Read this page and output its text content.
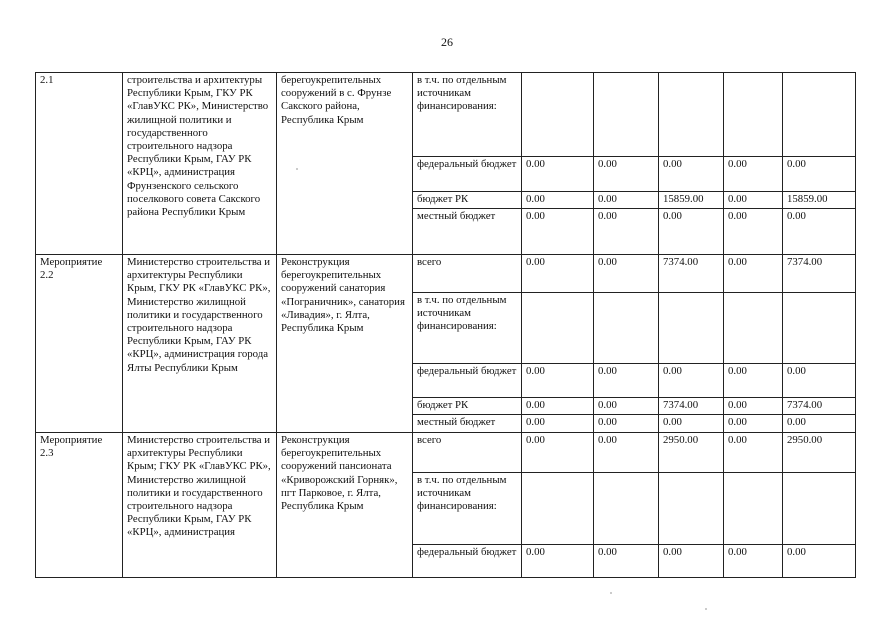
26
2.1	строительства и архитектуры Республики Крым, ГКУ РК «ГлавУКС РК», Министерство жилищной политики и государственного строительного надзора Республики Крым, ГАУ РК «КРЦ», администрация Фрунзенского сельского поселкового совета Сакского района Республики Крым	берегоукрепительных сооружений в с. Фрунзе Сакского района, Республика Крым	в т.ч. по отдельным источникам финансирования:					
			федеральный бюджет	0.00	0.00	0.00	0.00	0.00
			бюджет РК	0.00	0.00	15859.00	0.00	15859.00
			местный бюджет	0.00	0.00	0.00	0.00	0.00
Мероприятие 2.2	Министерство строительства и архитектуры Республики Крым, ГКУ РК «ГлавУКС РК», Министерство жилищной политики и государственного строительного надзора Республики Крым, ГАУ РК «КРЦ», администрация города Ялты Республики Крым	Реконструкция берегоукрепительных сооружений санатория «Пограничник», санатория «Ливадия», г. Ялта, Республика Крым	всего	0.00	0.00	7374.00	0.00	7374.00
			в т.ч. по отдельным источникам финансирования:					
			федеральный бюджет	0.00	0.00	0.00	0.00	0.00
			бюджет РК	0.00	0.00	7374.00	0.00	7374.00
			местный бюджет	0.00	0.00	0.00	0.00	0.00
Мероприятие 2.3	Министерство строительства и архитектуры Республики Крым; ГКУ РК «ГлавУКС РК», Министерство жилищной политики и государственного строительного надзора Республики Крым, ГАУ РК «КРЦ», администрация	Реконструкция берегоукрепительных сооружений пансионата «Криворожский Горняк», пгт Парковое, г. Ялта, Республика Крым	всего	0.00	0.00	2950.00	0.00	2950.00
			в т.ч. по отдельным источникам финансирования:					
			федеральный бюджет	0.00	0.00	0.00	0.00	0.00
